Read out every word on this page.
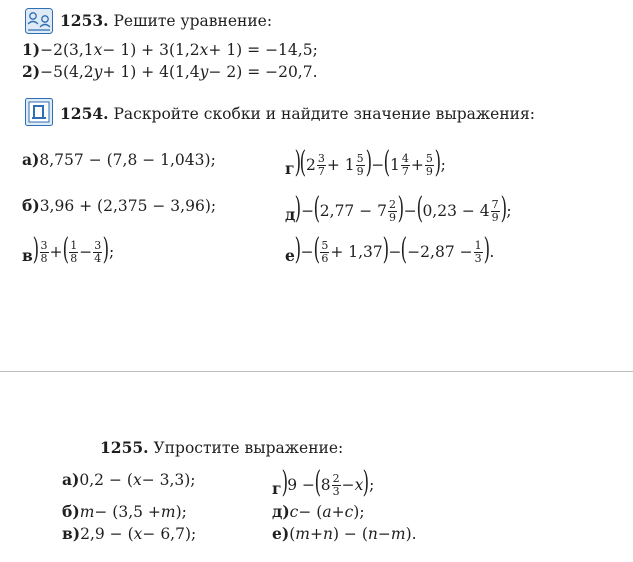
1253.
Решите уравнение:
1) −2(3,1 x − 1) + 3(1,2 x + 1) = −14,5;
2) −5(4,2 y + 1) + 4(1,4 y − 2) = −20,7.
1254.
Раскройте скобки и найдите значение выражения:
а) 8,757 − (7,8 − 1,043);
б) 3,96 + (2,375 − 3,96);
$в) \frac{3}{8}$ + ( $\frac{1}{8} - \frac{3}{4}$ ) ;
г) ( $2 \frac{3}{7} + 1 \frac{5}{9}$ ) − ( $1 \frac{4}{7} + \frac{5}{9}$ ) ;
д) − ( $2,77 - 7 \frac{2}{9}$ ) − ( $0,23 - 4 \frac{7}{9}$ ) ;
е) − ( $\frac{5}{6} + 1,37$ ) − ( $-2,87 - \frac{1}{3}$ ) .
1255.
Упростите выражение:
а) 0,2 − ( x − 3,3);
б) m − (3,5 + m );
в) 2,9 − ( x − 6,7);
г) 9 − ( $8 \frac{2}{3} - x$ ) ;
д) c − ( a + c );
е) ( m + n ) − ( n − m ).
